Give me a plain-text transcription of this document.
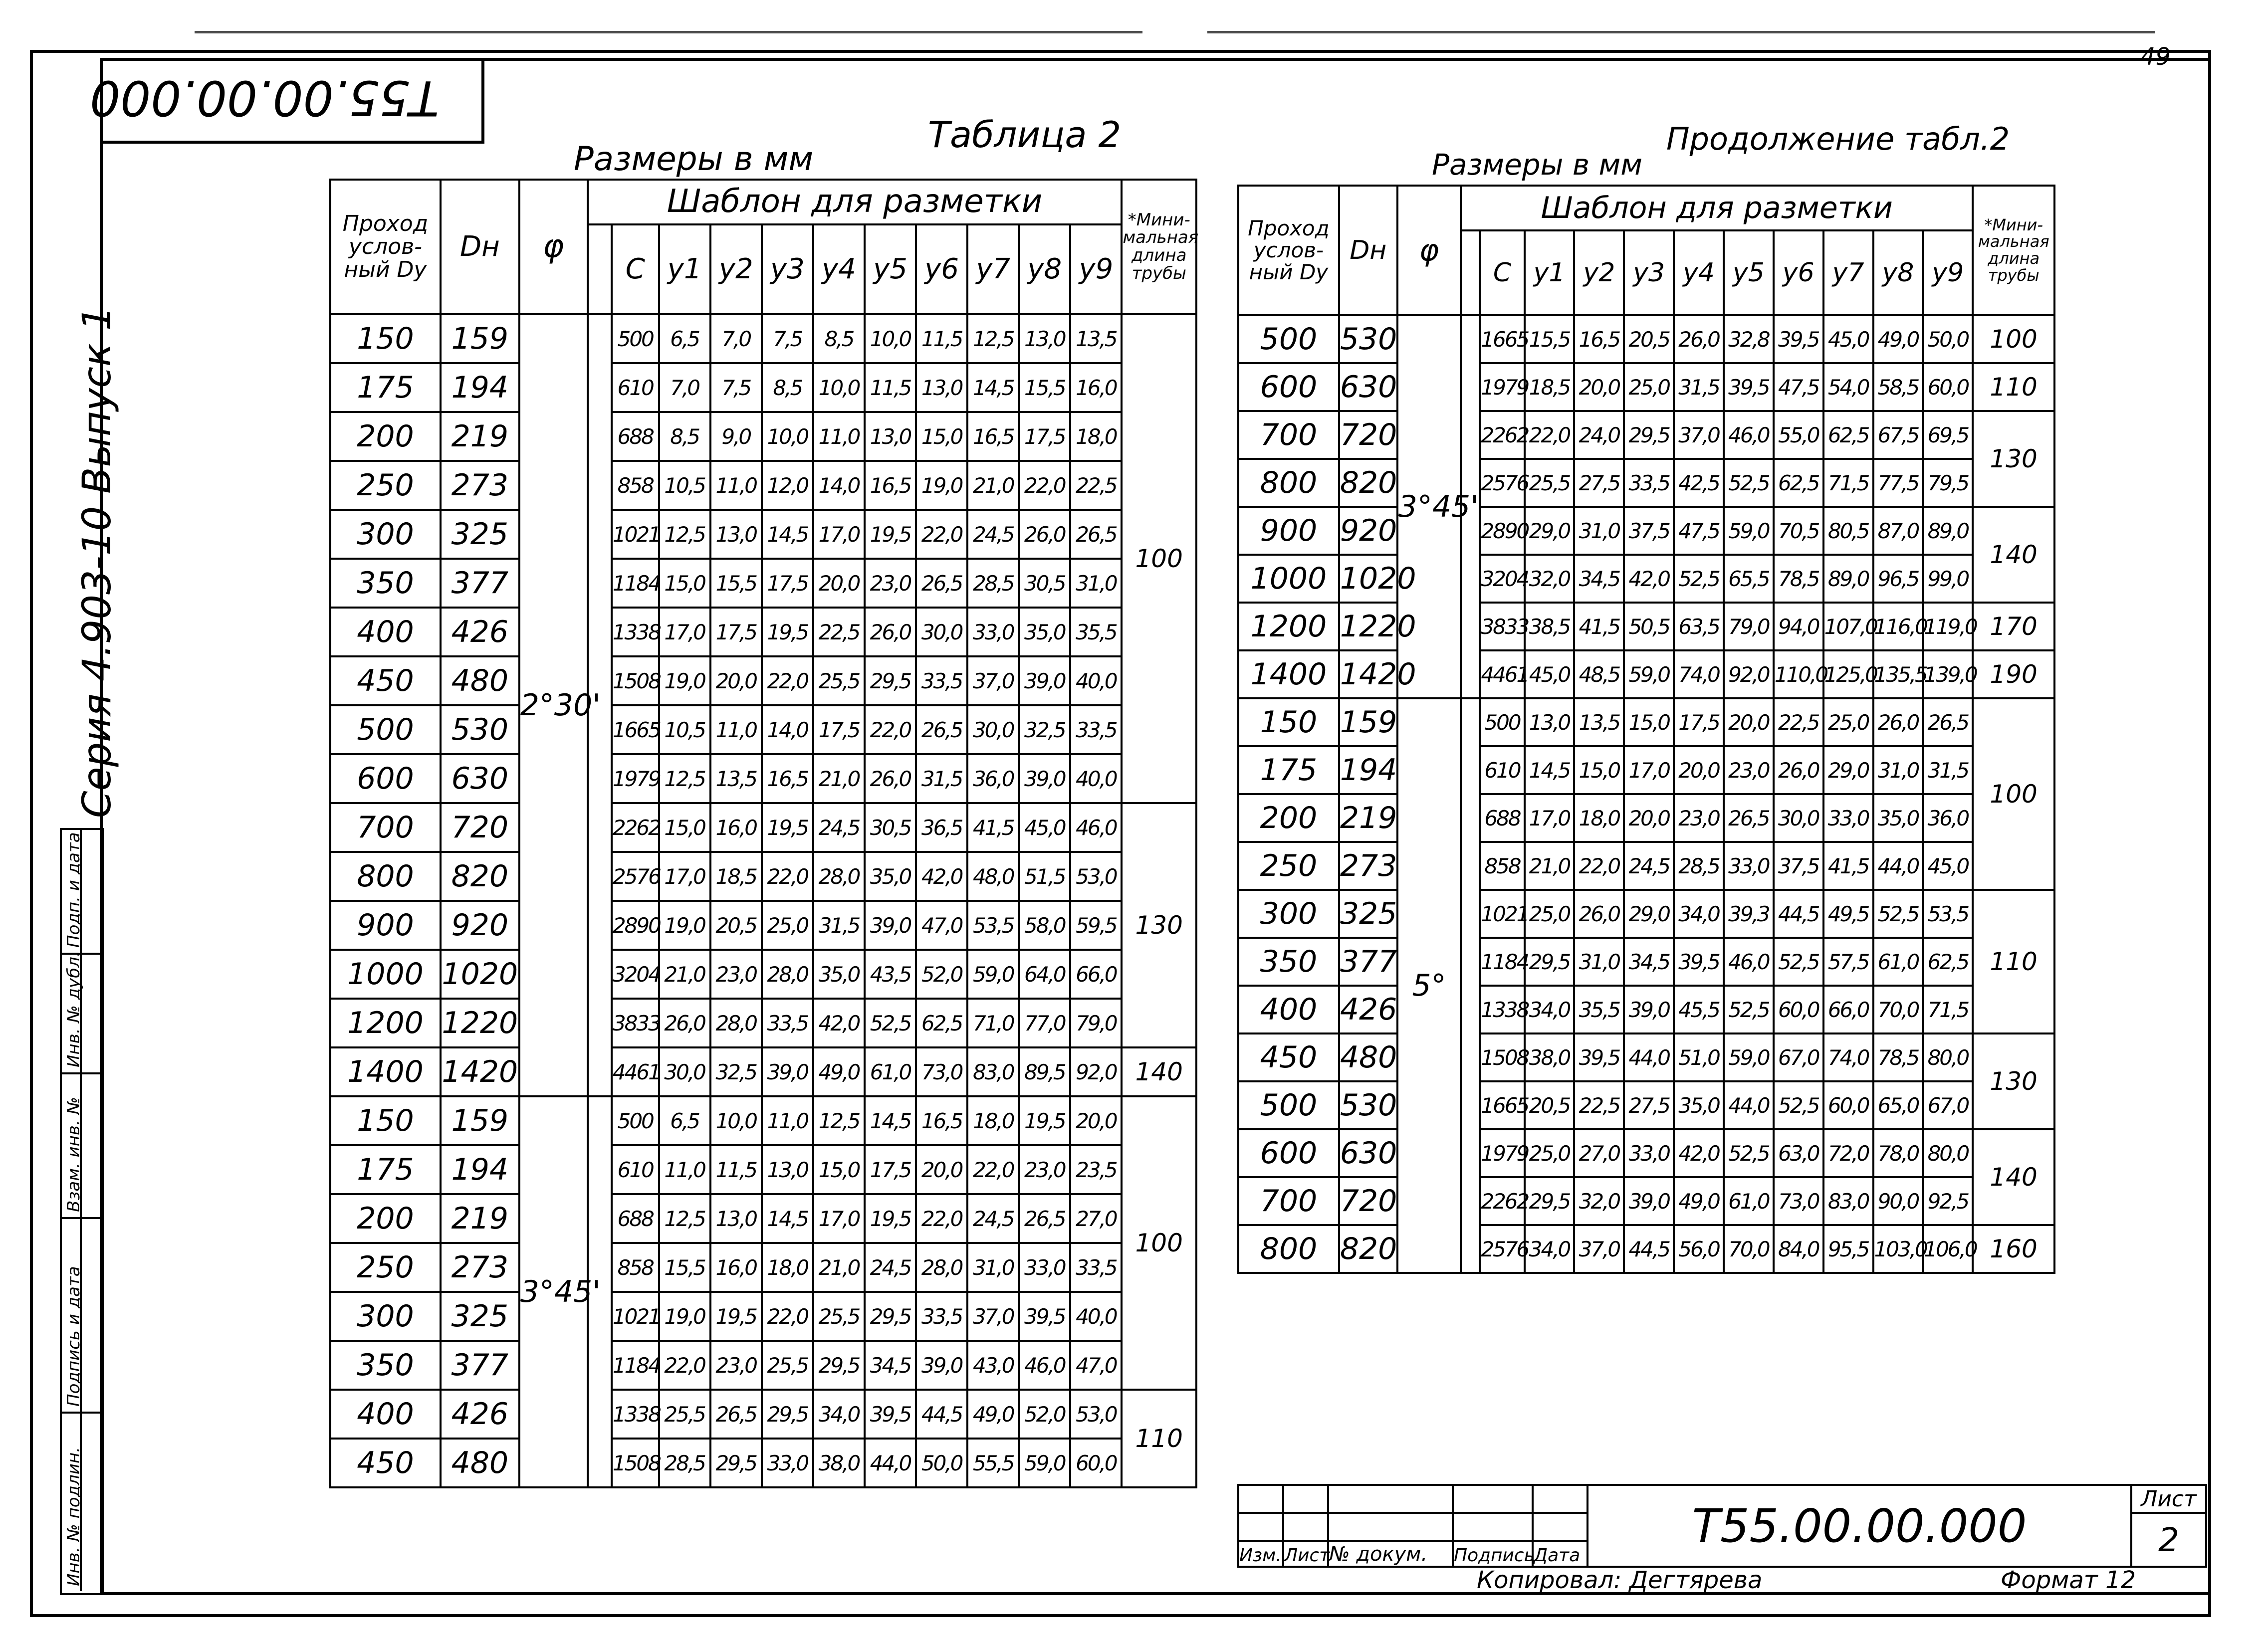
49
T55.00.00.000
Серия 4.903-10 Выпуск 1
Инв. № подлин.
Подпись и дата
Взам. инв. №
Инв. № дубл.
Подп. и дата
Таблица 2
Размеры в мм
Проход услов-ный Dy	Dн	φ	Шаблон для разметки											*Мини-мальная длина трубы
				C	y1	y2	y3	y4	y5	y6	y7	y8	y9	
150	159	2°30'		500	6,5	7,0	7,5	8,5	10,0	11,5	12,5	13,0	13,5	100
175	194			610	7,0	7,5	8,5	10,0	11,5	13,0	14,5	15,5	16,0	
200	219			688	8,5	9,0	10,0	11,0	13,0	15,0	16,5	17,5	18,0	
250	273			858	10,5	11,0	12,0	14,0	16,5	19,0	21,0	22,0	22,5	
300	325			1021	12,5	13,0	14,5	17,0	19,5	22,0	24,5	26,0	26,5	
350	377			1184	15,0	15,5	17,5	20,0	23,0	26,5	28,5	30,5	31,0	
400	426			1338	17,0	17,5	19,5	22,5	26,0	30,0	33,0	35,0	35,5	
450	480			1508	19,0	20,0	22,0	25,5	29,5	33,5	37,0	39,0	40,0	
500	530			1665	10,5	11,0	14,0	17,5	22,0	26,5	30,0	32,5	33,5	
600	630			1979	12,5	13,5	16,5	21,0	26,0	31,5	36,0	39,0	40,0	
700	720			2262	15,0	16,0	19,5	24,5	30,5	36,5	41,5	45,0	46,0	130
800	820			2576	17,0	18,5	22,0	28,0	35,0	42,0	48,0	51,5	53,0	
900	920			2890	19,0	20,5	25,0	31,5	39,0	47,0	53,5	58,0	59,5	
1000	1020			3204	21,0	23,0	28,0	35,0	43,5	52,0	59,0	64,0	66,0	
1200	1220			3833	26,0	28,0	33,5	42,0	52,5	62,5	71,0	77,0	79,0	
1400	1420			4461	30,0	32,5	39,0	49,0	61,0	73,0	83,0	89,5	92,0	140
150	159	3°45'		500	6,5	10,0	11,0	12,5	14,5	16,5	18,0	19,5	20,0	100
175	194			610	11,0	11,5	13,0	15,0	17,5	20,0	22,0	23,0	23,5	
200	219			688	12,5	13,0	14,5	17,0	19,5	22,0	24,5	26,5	27,0	
250	273			858	15,5	16,0	18,0	21,0	24,5	28,0	31,0	33,0	33,5	
300	325			1021	19,0	19,5	22,0	25,5	29,5	33,5	37,0	39,5	40,0	
350	377			1184	22,0	23,0	25,5	29,5	34,5	39,0	43,0	46,0	47,0	
400	426			1338	25,5	26,5	29,5	34,0	39,5	44,5	49,0	52,0	53,0	110
450	480			1508	28,5	29,5	33,0	38,0	44,0	50,0	55,5	59,0	60,0	
Продолжение табл.2
Размеры в мм
Проход услов-ный Dy	Dн	φ	Шаблон для разметки											*Мини-мальная длина трубы
				C	y1	y2	y3	y4	y5	y6	y7	y8	y9	
500	530	3°45'		1665	15,5	16,5	20,5	26,0	32,8	39,5	45,0	49,0	50,0	100
600	630			1979	18,5	20,0	25,0	31,5	39,5	47,5	54,0	58,5	60,0	110
700	720			2262	22,0	24,0	29,5	37,0	46,0	55,0	62,5	67,5	69,5	130
800	820			2576	25,5	27,5	33,5	42,5	52,5	62,5	71,5	77,5	79,5	
900	920			2890	29,0	31,0	37,5	47,5	59,0	70,5	80,5	87,0	89,0	140
1000	1020			3204	32,0	34,5	42,0	52,5	65,5	78,5	89,0	96,5	99,0	
1200	1220			3833	38,5	41,5	50,5	63,5	79,0	94,0	107,0	116,0	119,0	170
1400	1420			4461	45,0	48,5	59,0	74,0	92,0	110,0	125,0	135,5	139,0	190
150	159	5°		500	13,0	13,5	15,0	17,5	20,0	22,5	25,0	26,0	26,5	100
175	194			610	14,5	15,0	17,0	20,0	23,0	26,0	29,0	31,0	31,5	
200	219			688	17,0	18,0	20,0	23,0	26,5	30,0	33,0	35,0	36,0	
250	273			858	21,0	22,0	24,5	28,5	33,0	37,5	41,5	44,0	45,0	
300	325			1021	25,0	26,0	29,0	34,0	39,3	44,5	49,5	52,5	53,5	110
350	377			1184	29,5	31,0	34,5	39,5	46,0	52,5	57,5	61,0	62,5	
400	426			1338	34,0	35,5	39,0	45,5	52,5	60,0	66,0	70,0	71,5	
450	480			1508	38,0	39,5	44,0	51,0	59,0	67,0	74,0	78,5	80,0	130
500	530			1665	20,5	22,5	27,5	35,0	44,0	52,5	60,0	65,0	67,0	
600	630			1979	25,0	27,0	33,0	42,0	52,5	63,0	72,0	78,0	80,0	140
700	720			2262	29,5	32,0	39,0	49,0	61,0	73,0	83,0	90,0	92,5	
800	820			2576	34,0	37,0	44,5	56,0	70,0	84,0	95,5	103,0	106,0	160
					T55.00.00.000	Лист
						2
Изм.	Лист	№ докум.	Подпись	Дата		
Копировал: Дегтярева	Формат 12
